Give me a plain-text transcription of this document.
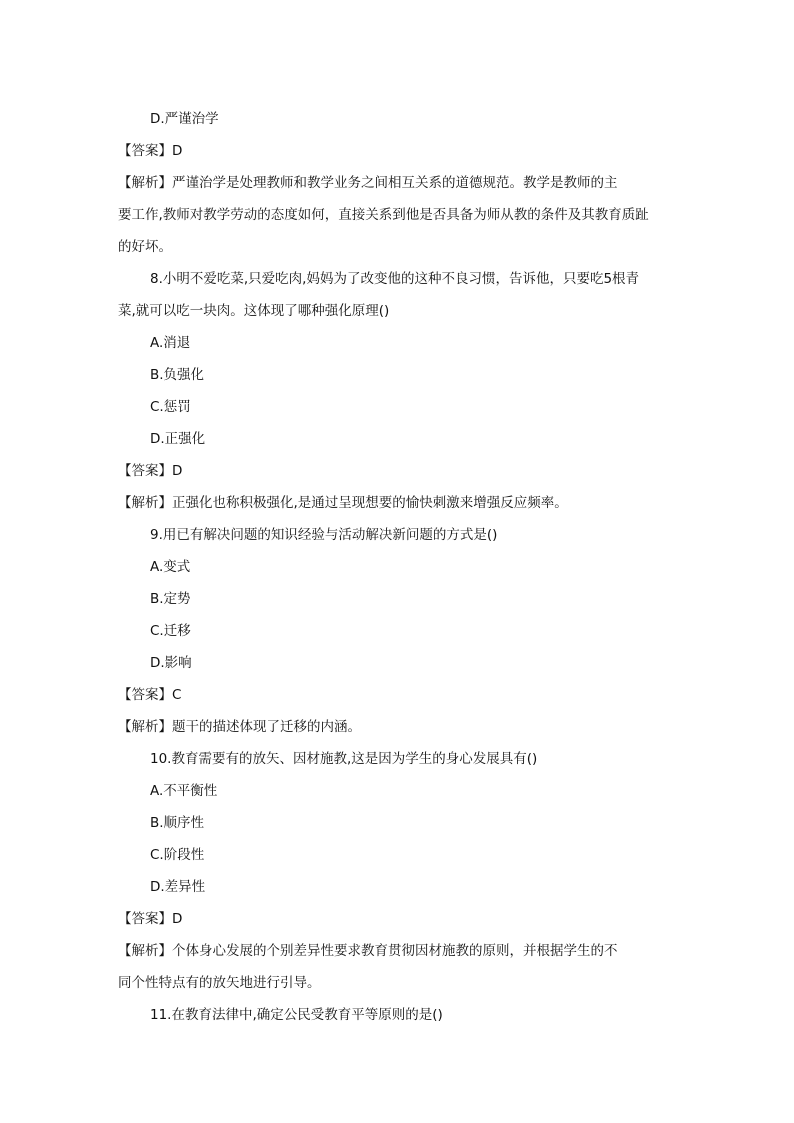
D.严谨治学
【答案】D
【解析】严谨治学是处理教师和教学业务之间相互关系的道德规范。教学是教师的主
要工作,教师对教学劳动的态度如何，直接关系到他是否具备为师从教的条件及其教育质趾
的好坏。
8.小明不爱吃菜,只爱吃肉,妈妈为了改变他的这种不良习惯，告诉他，只要吃5根青
菜,就可以吃一块肉。这体现了哪种强化原理()
A.消退
B.负强化
C.惩罚
D.正强化
【答案】D
【解析】正强化也称积极强化,是通过呈现想要的愉快刺激来增强反应频率。
9.用已有解决问题的知识经验与活动解决新问题的方式是()
A.变式
B.定势
C.迁移
D.影响
【答案】C
【解析】题干的描述体现了迁移的内涵。
10.教育需要有的放矢、因材施教,这是因为学生的身心发展具有()
A.不平衡性
B.顺序性
C.阶段性
D.差异性
【答案】D
【解析】个体身心发展的个别差异性要求教育贯彻因材施教的原则，并根据学生的不
同个性特点有的放矢地进行引导。
11.在教育法律中,确定公民受教育平等原则的是()
